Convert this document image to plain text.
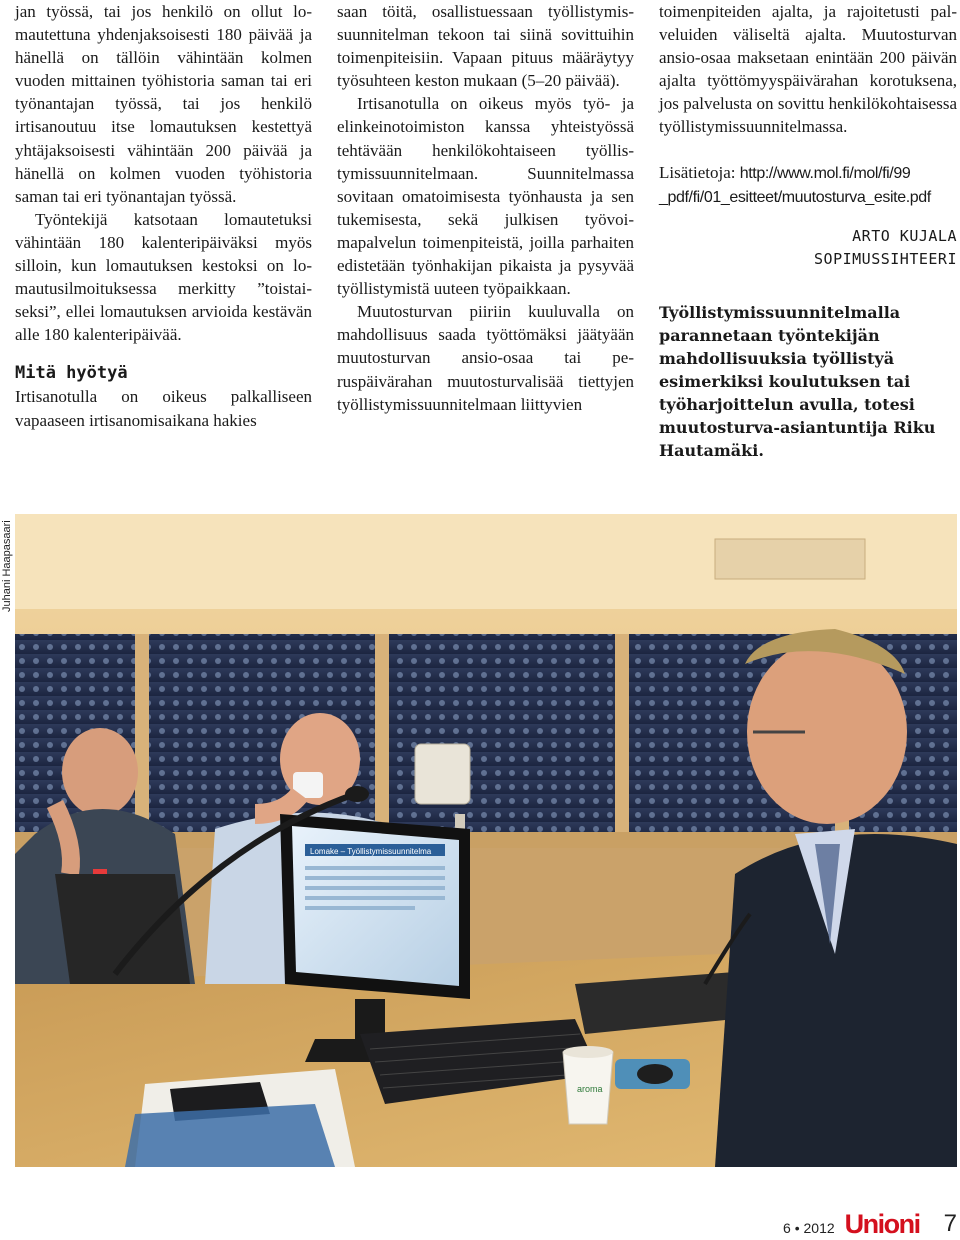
jan työssä, tai jos henkilö on ollut lomautettuna yhdenjaksoisesti 180 päivää ja hänellä on tällöin vähintään kolmen vuoden mittainen työhistoria saman tai eri työnantajan työssä, tai jos henkilö irtisanoutuu itse lomautuksen kestettyä yhtäjaksoisesti vähintään 200 päivää ja hänellä on kolmen vuoden työhistoria saman tai eri työnantajan työssä.

Työntekijä katsotaan lomautetuksi vähintään 180 kalenteripäiväksi myös silloin, kun lomautuksen kestoksi on lomautusilmoituksessa merkitty ”toistaiseksi”, ellei lomautuksen arvioida kestävän alle 180 kalenteripäivää.

Mitä hyötyä

Irtisanotulla on oikeus palkalliseen vapaaseen irtisanomisaikana hakies

saan töitä, osallistuessaan työllistymissuunnitelman tekoon tai siinä sovittuihin toimenpiteisiin. Vapaan pituus määräytyy työsuhteen keston mukaan (5–20 päivää).

Irtisanotulla on oikeus myös työ- ja elinkeinotoimiston kanssa yhteistyössä tehtävään henkilökohtaiseen työllistymissuunnitelmaan. Suunnitelmassa sovitaan omatoimisesta työnhausta ja sen tukemisesta, sekä julkisen työvoimapalvelun toimenpiteistä, joilla parhaiten edistetään työnhakijan pikaista ja pysyvää työllistymistä uuteen työpaikkaan.

Muutosturvan piiriin kuuluvalla on mahdollisuus saada työttömäksi jäätyään muutosturvan ansio-osaa tai peruspäivärahan muutosturvalisää tiettyjen työllistymissuunnitelmaan liittyvien

toimenpiteiden ajalta, ja rajoitetusti palveluiden väliseltä ajalta. Muutosturvan ansio-osaa maksetaan enintään 200 päivän ajalta työttömyyspäivärahan korotuksena, jos palvelusta on sovittu henkilökohtaisessa työllistymissuunnitelmassa.

Lisätietoja: http://www.mol.fi/mol/fi/99
_pdf/fi/01_esitteet/muutosturva_esite.pdf
ARTO KUJALA
SOPIMUSSIHTEERI
Työllistymissuunnitelmalla parannetaan työntekijän mahdollisuuksia työllistyä esimerkiksi koulutuksen tai työharjoittelun avulla, totesi muutosturva-asiantuntija Riku Hautamäki.
Juhani Haapasaari
Lomake – Työllistymissuunnitelma
aroma
6 • 2012 Unioni 7
